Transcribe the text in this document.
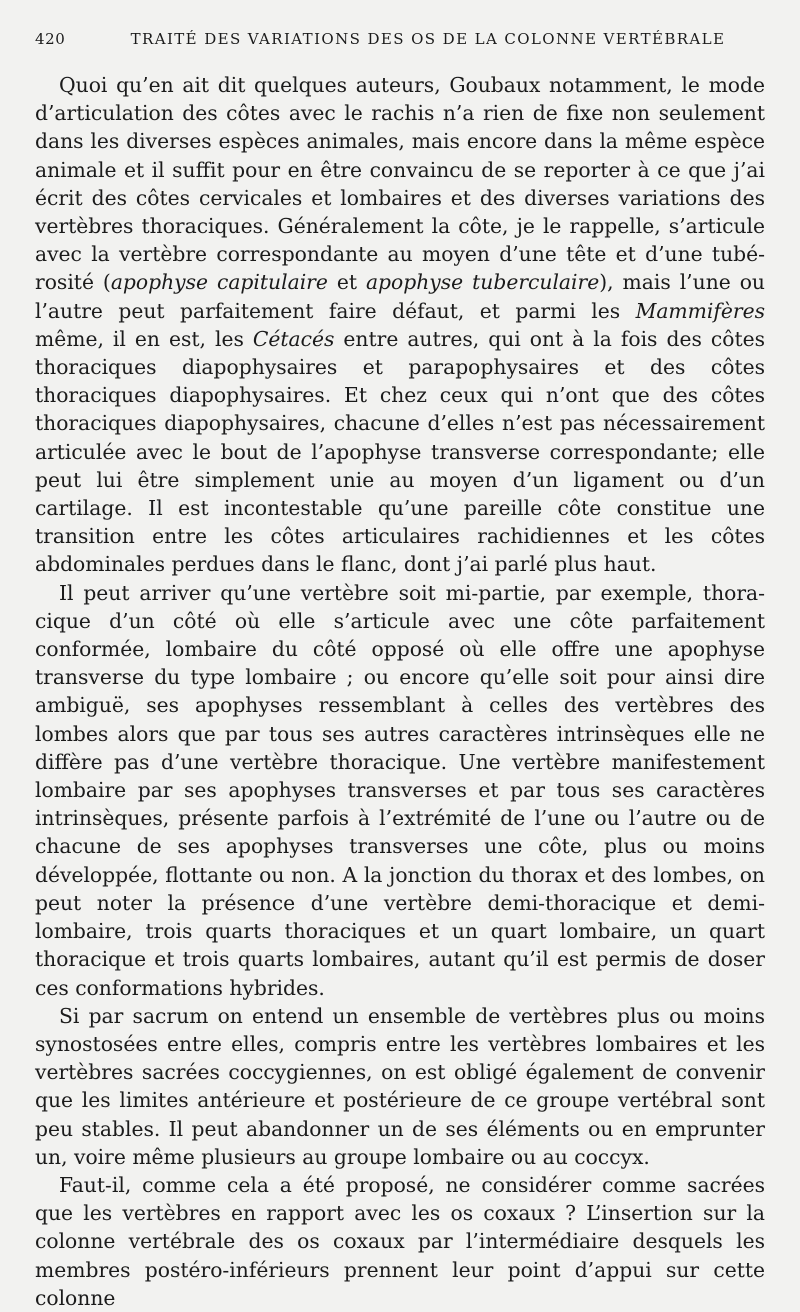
420	TRAITÉ DES VARIATIONS DES OS DE LA COLONNE VERTÉBRALE

Quoi qu’en ait dit quelques auteurs, Goubaux notamment, le mode d’articulation des côtes avec le rachis n’a rien de fixe non seulement dans les diverses espèces animales, mais encore dans la même espèce animale et il suffit pour en être convaincu de se reporter à ce que j’ai écrit des côtes cervicales et lombaires et des diverses variations des vertèbres thoraciques. Généralement la côte, je le rappelle, s’articule avec la vertèbre correspondante au moyen d’une tête et d’une tubérosité (apophyse capitulaire et apophyse tuberculaire), mais l’une ou l’autre peut parfaitement faire défaut, et parmi les Mammifères même, il en est, les Cétacés entre autres, qui ont à la fois des côtes thoraciques diapophysaires et parapophysaires et des côtes thoraciques diapophysaires. Et chez ceux qui n’ont que des côtes thoraciques diapophysaires, chacune d’elles n’est pas nécessairement articulée avec le bout de l’apophyse transverse correspondante; elle peut lui être simplement unie au moyen d’un ligament ou d’un cartilage. Il est incontestable qu’une pareille côte constitue une transition entre les côtes articulaires rachidiennes et les côtes abdominales perdues dans le flanc, dont j’ai parlé plus haut.

Il peut arriver qu’une vertèbre soit mi-partie, par exemple, thoracique d’un côté où elle s’articule avec une côte parfaitement conformée, lombaire du côté opposé où elle offre une apophyse transverse du type lombaire ; ou encore qu’elle soit pour ainsi dire ambiguë, ses apophyses ressemblant à celles des vertèbres des lombes alors que par tous ses autres caractères intrinsèques elle ne diffère pas d’une vertèbre thoracique. Une vertèbre manifestement lombaire par ses apophyses transverses et par tous ses caractères intrinsèques, présente parfois à l’extrémité de l’une ou l’autre ou de chacune de ses apophyses transverses une côte, plus ou moins développée, flottante ou non. A la jonction du thorax et des lombes, on peut noter la présence d’une vertèbre demi-thoracique et demi-lombaire, trois quarts thoraciques et un quart lombaire, un quart thoracique et trois quarts lombaires, autant qu’il est permis de doser ces conformations hybrides.

Si par sacrum on entend un ensemble de vertèbres plus ou moins synostosées entre elles, compris entre les vertèbres lombaires et les vertèbres sacrées coccygiennes, on est obligé également de convenir que les limites antérieure et postérieure de ce groupe vertébral sont peu stables. Il peut abandonner un de ses éléments ou en emprunter un, voire même plusieurs au groupe lombaire ou au coccyx.

Faut-il, comme cela a été proposé, ne considérer comme sacrées que les vertèbres en rapport avec les os coxaux ? L’insertion sur la colonne vertébrale des os coxaux par l’intermédiaire desquels les membres postéro-inférieurs prennent leur point d’appui sur cette colonne
